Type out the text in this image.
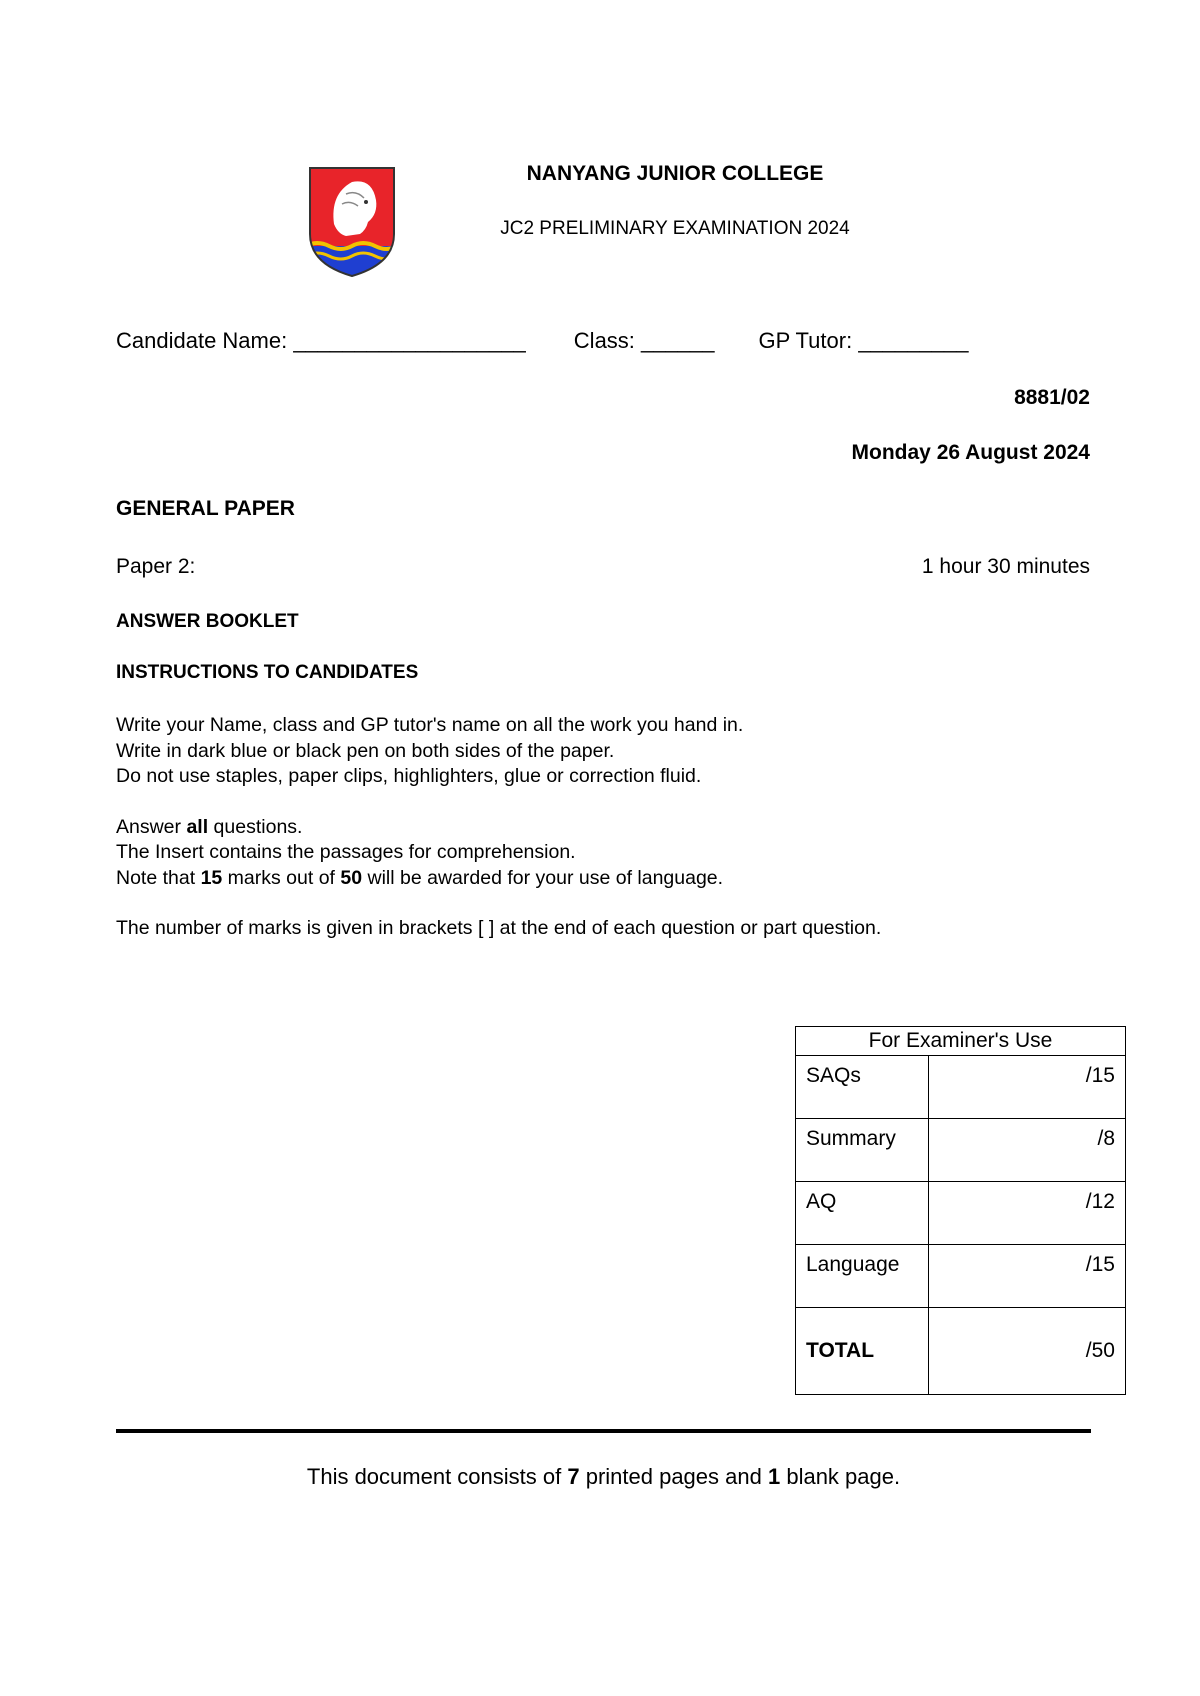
NANYANG JUNIOR COLLEGE
JC2 PRELIMINARY EXAMINATION 2024
Candidate Name: ___________________ Class: ______ GP Tutor: _________
8881/02
Monday 26 August 2024
GENERAL PAPER
Paper 2:	1 hour 30 minutes
ANSWER BOOKLET
INSTRUCTIONS TO CANDIDATES

Write your Name, class and GP tutor's name on all the work you hand in.

Write in dark blue or black pen on both sides of the paper.

Do not use staples, paper clips, highlighters, glue or correction fluid.

Answer all questions.

The Insert contains the passages for comprehension.

Note that 15 marks out of 50 will be awarded for your use of language.

The number of marks is given in brackets [ ] at the end of each question or part question.

For Examiner's Use	
SAQs	/15
Summary	/8
AQ	/12
Language	/15
TOTAL	/50
This document consists of 7 printed pages and 1 blank page.
